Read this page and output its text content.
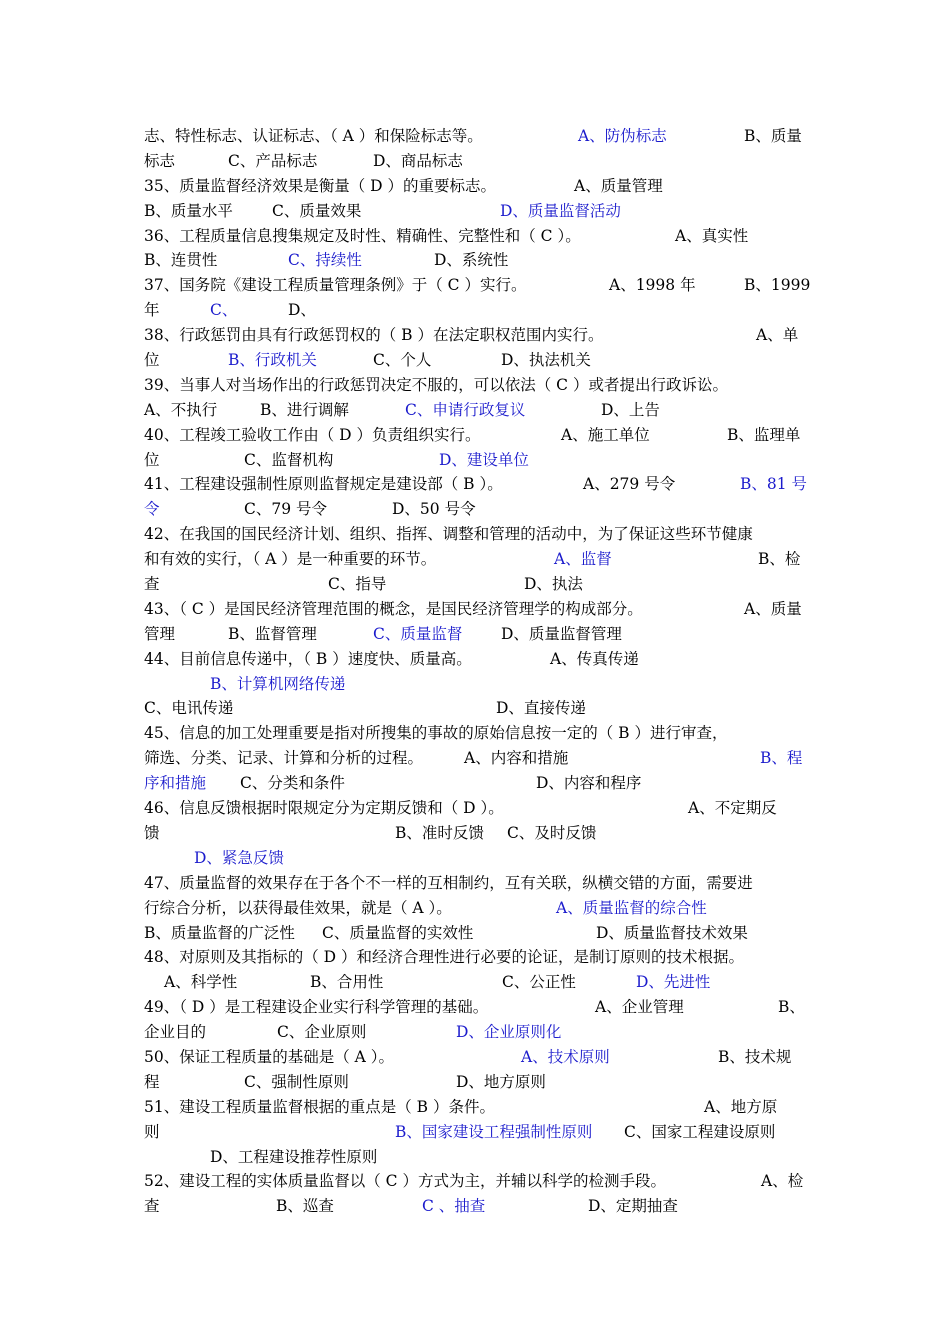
志、特性标志、认证标志、（ A ）和保险标志等。	A、防伪标志	B、质量
标志	C、产品标志	D、商品标志
35、质量监督经济效果是衡量（ D ）的重要标志。	A、质量管理
B、质量水平	C、质量效果	D、质量监督活动
36、工程质量信息搜集规定及时性、精确性、完整性和（ C ）。	A、真实性
B、连贯性	C、持续性	D、系统性
37、国务院《建设工程质量管理条例》于（ C ）实行。	A、1998 年	B、1999
年	C、	D、
38、行政惩罚由具有行政惩罚权的（ B ）在法定职权范围内实行。	A、单
位	B、行政机关	C、个人	D、执法机关
39、当事人对当场作出的行政惩罚决定不服的，可以依法（ C ）或者提出行政诉讼。
A、不执行	B、进行调解	C、申请行政复议	D、上告
40、工程竣工验收工作由（ D ）负责组织实行。	A、施工单位	B、监理单
位	C、监督机构	D、建设单位
41、工程建设强制性原则监督规定是建设部（ B ）。	A、279 号令	B、81 号
令	C、79 号令	D、50 号令
42、在我国的国民经济计划、组织、指挥、调整和管理的活动中，为了保证这些环节健康
和有效的实行，（ A ）是一种重要的环节。	A、监督	B、检
查	C、指导	D、执法
43、（ C ）是国民经济管理范围的概念，是国民经济管理学的构成部分。	A、质量
管理	B、监督管理	C、质量监督 D、质量监督管理
44、目前信息传递中，（ B ）速度快、质量高。	A、传真传递
B、计算机网络传递
C、电讯传递	D、直接传递
45、信息的加工处理重要是指对所搜集的事故的原始信息按一定的（ B ）进行审查，
筛选、分类、记录、计算和分析的过程。	A、内容和措施	B、程
序和措施 C、分类和条件	D、内容和程序
46、信息反馈根据时限规定分为定期反馈和（ D ）。	A、不定期反
馈	B、准时反馈 C、及时反馈
D、紧急反馈
47、质量监督的效果存在于各个不一样的互相制约，互有关联，纵横交错的方面，需要进
行综合分析，以获得最佳效果，就是（ A ）。	A、质量监督的综合性
B、质量监督的广泛性 C、质量监督的实效性	D、质量监督技术效果
48、对原则及其指标的（ D ）和经济合理性进行必要的论证，是制订原则的技术根据。
A、科学性	B、合用性	C、公正性	D、先进性
49、（ D ）是工程建设企业实行科学管理的基础。	A、企业管理	B、
企业目的	C、企业原则	D、企业原则化
50、保证工程质量的基础是（ A ）。	A、技术原则	B、技术规
程	C、强制性原则	D、地方原则
51、建设工程质量监督根据的重点是（ B ）条件。	A、地方原
则	B、国家建设工程强制性原则 C、国家工程建设原则
D、工程建设推荐性原则
52、建设工程的实体质量监督以（ C ）方式为主，并辅以科学的检测手段。	A、检
查	B、巡查	C 、抽查	D、定期抽查
